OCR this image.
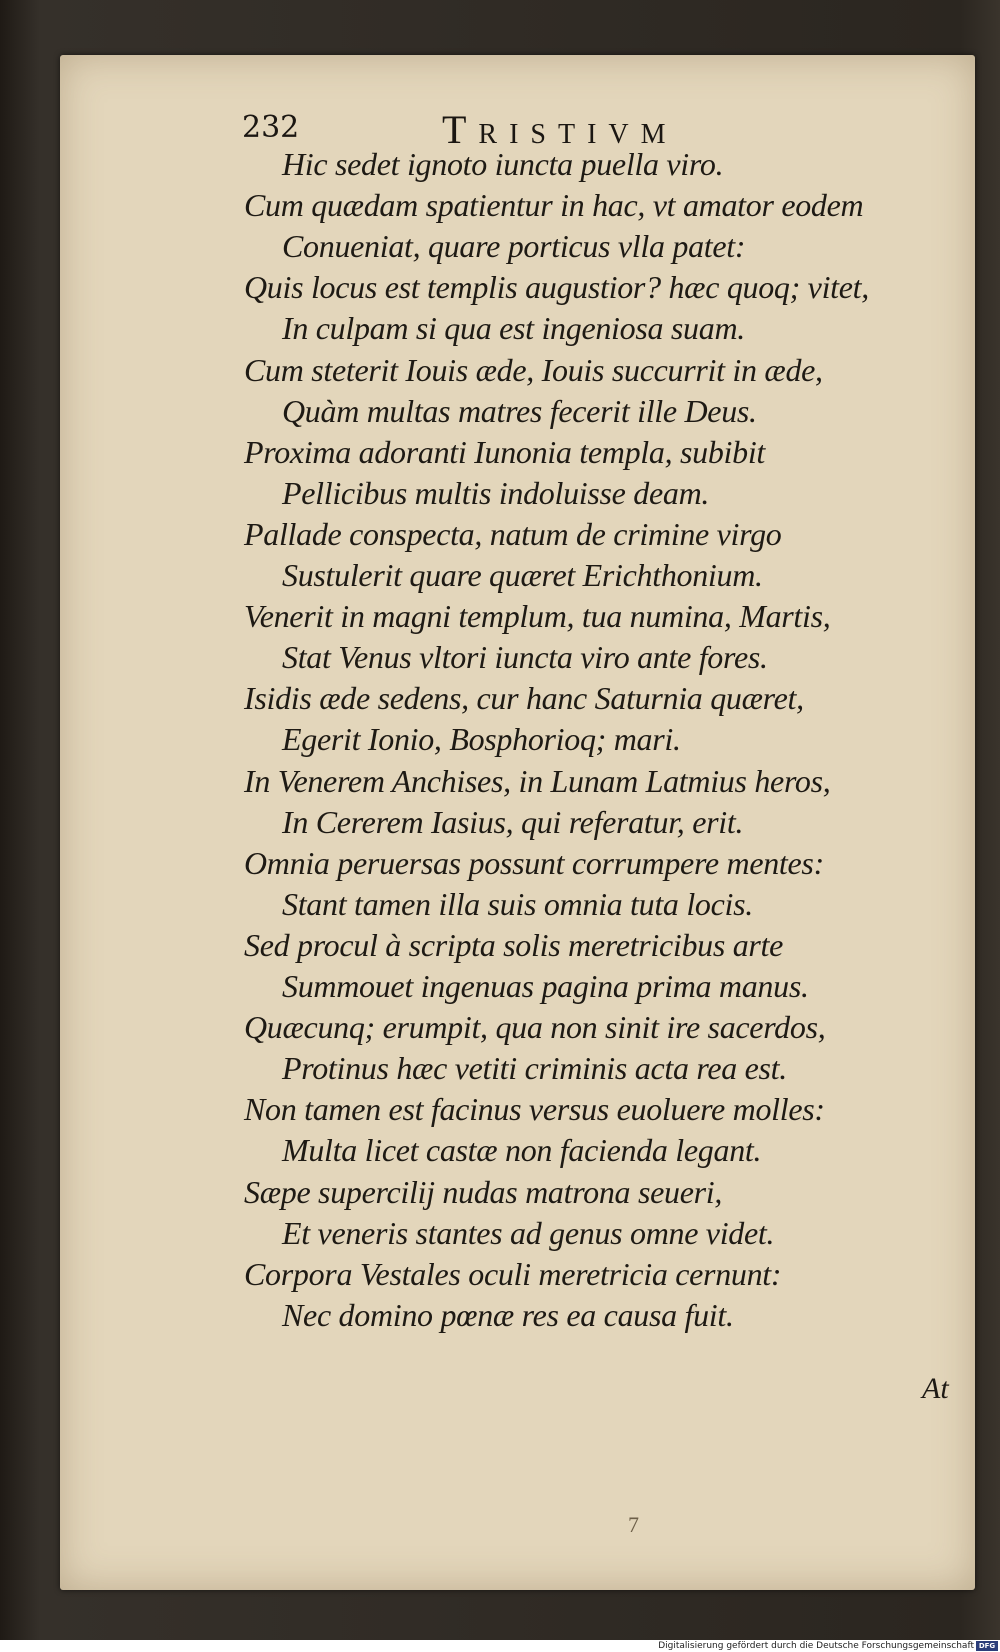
232	Tristivm
Hic sedet ignoto iuncta puella viro.
Cum quædam spatientur in hac, vt amator eodem
Conueniat, quare porticus vlla patet:
Quis locus est templis augustior? hæc quoq; vitet,
In culpam si qua est ingeniosa suam.
Cum steterit Iouis æde, Iouis succurrit in æde,
Quàm multas matres fecerit ille Deus.
Proxima adoranti Iunonia templa, subibit
Pellicibus multis indoluisse deam.
Pallade conspecta, natum de crimine virgo
Sustulerit quare quæret Erichthonium.
Venerit in magni templum, tua numina, Martis,
Stat Venus vltori iuncta viro ante fores.
Isidis æde sedens, cur hanc Saturnia quæret,
Egerit Ionio, Bosphorioq; mari.
In Venerem Anchises, in Lunam Latmius heros,
In Cererem Iasius, qui referatur, erit.
Omnia peruersas possunt corrumpere mentes:
Stant tamen illa suis omnia tuta locis.
Sed procul à scripta solis meretricibus arte
Summouet ingenuas pagina prima manus.
Quæcunq; erumpit, qua non sinit ire sacerdos,
Protinus hæc vetiti criminis acta rea est.
Non tamen est facinus versus euoluere molles:
Multa licet castæ non facienda legant.
Sæpe supercilij nudas matrona seueri,
Et veneris stantes ad genus omne videt.
Corpora Vestales oculi meretricia cernunt:
Nec domino pœnæ res ea causa fuit.
At
7
Digitalisierung gefördert durch die Deutsche Forschungsgemeinschaft DFG
